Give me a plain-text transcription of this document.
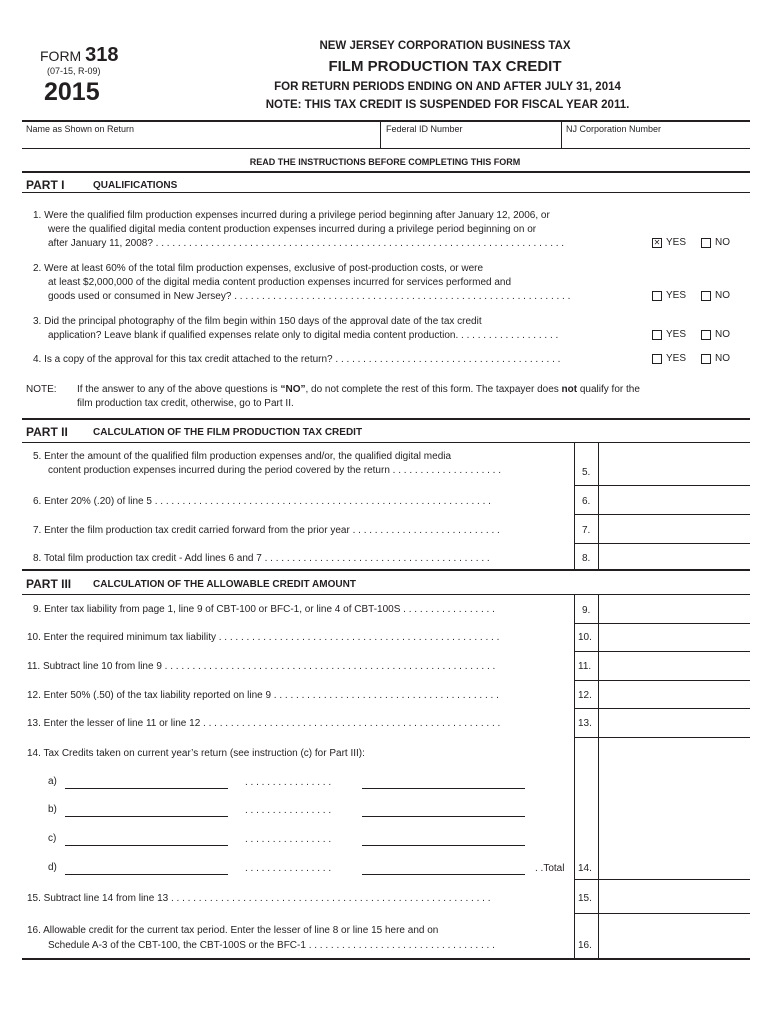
FORM 318
(07-15, R-09)
2015
NEW JERSEY CORPORATION BUSINESS TAX
FILM PRODUCTION TAX CREDIT
FOR RETURN PERIODS ENDING ON AND AFTER JULY 31, 2014
NOTE: THIS TAX CREDIT IS SUSPENDED FOR FISCAL YEAR 2011.
Name as Shown on Return	Federal ID Number	NJ Corporation Number
READ THE INSTRUCTIONS BEFORE COMPLETING THIS FORM
PART I	QUALIFICATIONS
1. Were the qualified film production expenses incurred during a privilege period beginning after January 12, 2006, or
were the qualified digital media content production expenses incurred during a privilege period beginning on or
after January 11, 2008? . . . . . . . . . . . . . . . . . . . . . . . . . . . . . . . . . . . . . . . . . . . . . . . . . . . . . . . . . . . . . . . . . . . . . . . . . .	✕ YES	NO
2. Were at least 60% of the total film production expenses, exclusive of post-production costs, or were
at least $2,000,000 of the digital media content production expenses incurred for services performed and
goods used or consumed in New Jersey? . . . . . . . . . . . . . . . . . . . . . . . . . . . . . . . . . . . . . . . . . . . . . . . . . . . . . . . . . . . . .	YES	NO
3. Did the principal photography of the film begin within 150 days of the approval date of the tax credit
application? Leave blank if qualified expenses relate only to digital media content production. . . . . . . . . . . . . . . . . . .	YES	NO
4. Is a copy of the approval for this tax credit attached to the return? . . . . . . . . . . . . . . . . . . . . . . . . . . . . . . . . . . . . . . . . .	YES	NO
NOTE: If the answer to any of the above questions is “NO”, do not complete the rest of this form. The taxpayer does not qualify for the
film production tax credit, otherwise, go to Part II.
PART II	CALCULATION OF THE FILM PRODUCTION TAX CREDIT
5. Enter the amount of the qualified film production expenses and/or, the qualified digital media
content production expenses incurred during the period covered by the return . . . . . . . . . . . . . . . . . . . .	5.
6. Enter 20% (.20) of line 5 . . . . . . . . . . . . . . . . . . . . . . . . . . . . . . . . . . . . . . . . . . . . . . . . . . . . . . . . . . . . .	6.
7. Enter the film production tax credit carried forward from the prior year . . . . . . . . . . . . . . . . . . . . . . . . . . .	7.
8. Total film production tax credit - Add lines 6 and 7 . . . . . . . . . . . . . . . . . . . . . . . . . . . . . . . . . . . . . . . . .	8.
PART III CALCULATION OF THE ALLOWABLE CREDIT AMOUNT
9. Enter tax liability from page 1, line 9 of CBT-100 or BFC-1, or line 4 of CBT-100S . . . . . . . . . . . . . . . . .	9.
10. Enter the required minimum tax liability . . . . . . . . . . . . . . . . . . . . . . . . . . . . . . . . . . . . . . . . . . . . . . . . . . .	10.
11. Subtract line 10 from line 9 . . . . . . . . . . . . . . . . . . . . . . . . . . . . . . . . . . . . . . . . . . . . . . . . . . . . . . . . . . . .	11.
12. Enter 50% (.50) of the tax liability reported on line 9 . . . . . . . . . . . . . . . . . . . . . . . . . . . . . . . . . . . . . . . . .	12.
13. Enter the lesser of line 11 or line 12 . . . . . . . . . . . . . . . . . . . . . . . . . . . . . . . . . . . . . . . . . . . . . . . . . . . . . .	13.
14. Tax Credits taken on current year’s return (see instruction (c) for Part III):
a)	. . . . . . . . . . . . . . . .
b)	. . . . . . . . . . . . . . . .
c)	. . . . . . . . . . . . . . . .
d)	. . . . . . . . . . . . . . . .	. .Total 14.
15. Subtract line 14 from line 13 . . . . . . . . . . . . . . . . . . . . . . . . . . . . . . . . . . . . . . . . . . . . . . . . . . . . . . . . . .	15.
16. Allowable credit for the current tax period. Enter the lesser of line 8 or line 15 here and on
Schedule A-3 of the CBT-100, the CBT-100S or the BFC-1 . . . . . . . . . . . . . . . . . . . . . . . . . . . . . . . . . .	16.
